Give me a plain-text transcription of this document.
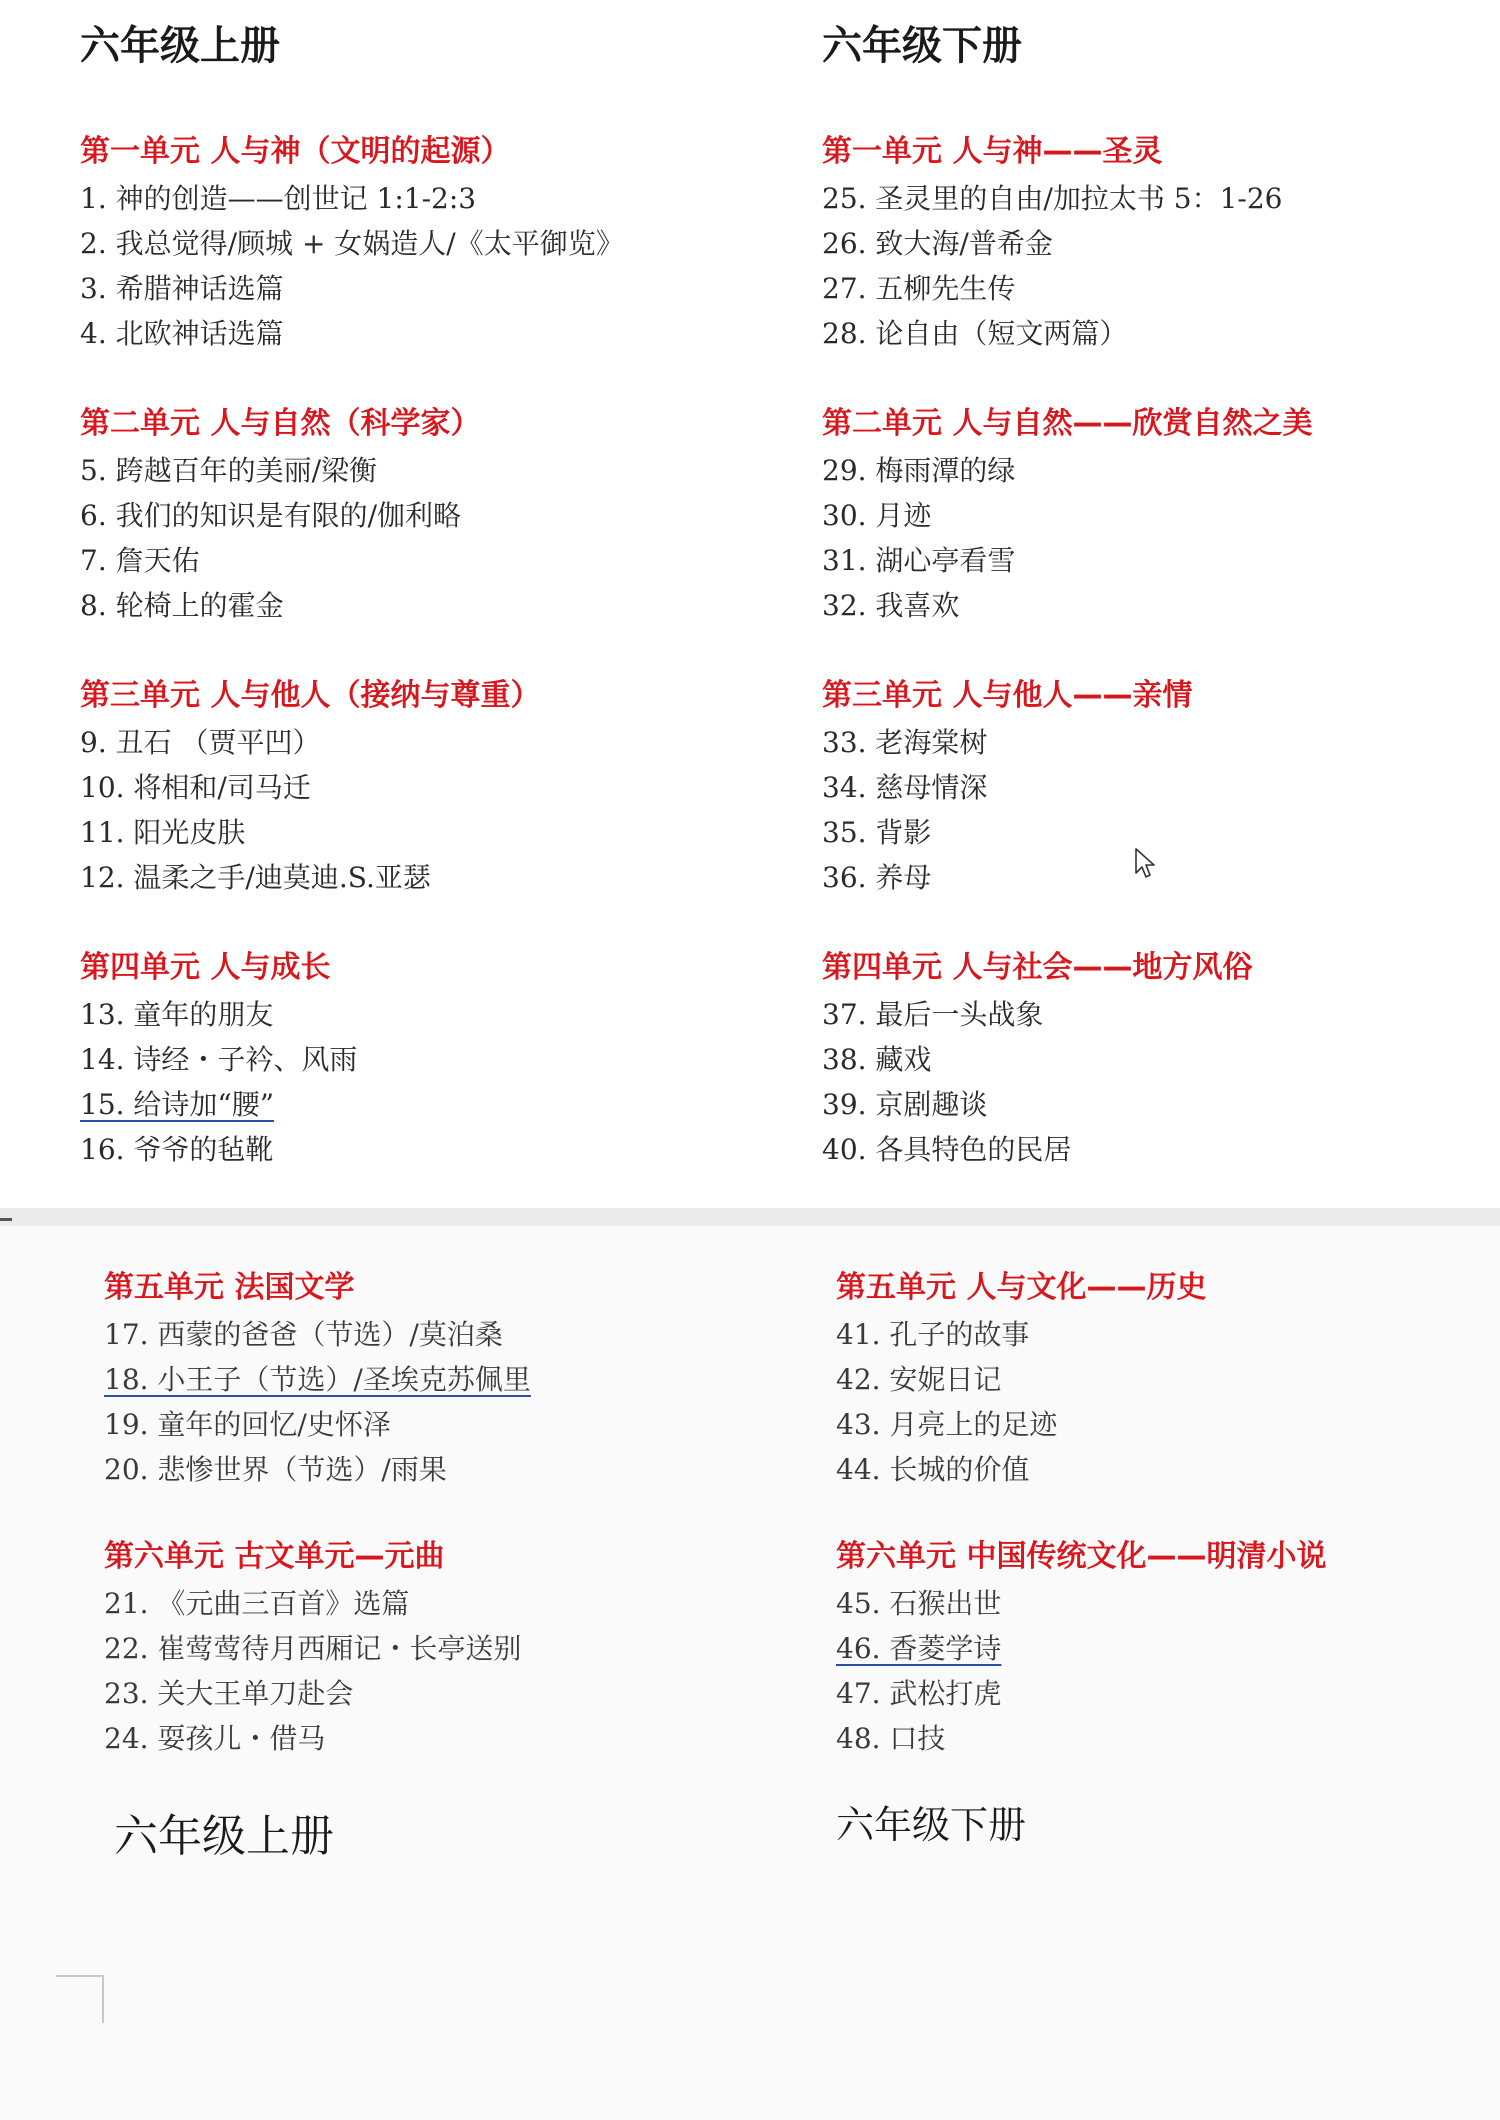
六年级上册	六年级下册
第一单元 人与神（文明的起源）
1. 神的创造——创世记 1:1-2:3
2. 我总觉得/顾城 + 女娲造人/《太平御览》
3. 希腊神话选篇
4. 北欧神话选篇
第二单元 人与自然（科学家）
5. 跨越百年的美丽/梁衡
6. 我们的知识是有限的/伽利略
7. 詹天佑
8. 轮椅上的霍金
第三单元 人与他人（接纳与尊重）
9. 丑石 （贾平凹）
10. 将相和/司马迁
11. 阳光皮肤
12. 温柔之手/迪莫迪.S.亚瑟
第四单元 人与成长
13. 童年的朋友
14. 诗经・子衿、风雨
15. 给诗加“腰”
16. 爷爷的毡靴
第五单元 法国文学
17. 西蒙的爸爸（节选）/莫泊桑
18. 小王子（节选）/圣埃克苏佩里
19. 童年的回忆/史怀泽
20. 悲惨世界（节选）/雨果
第六单元 古文单元—元曲
21. 《元曲三百首》选篇
22. 崔莺莺待月西厢记・长亭送别
23. 关大王单刀赴会
24. 耍孩儿・借马
第一单元 人与神——圣灵
25. 圣灵里的自由/加拉太书 5：1-26
26. 致大海/普希金
27. 五柳先生传
28. 论自由（短文两篇）
第二单元 人与自然——欣赏自然之美
29. 梅雨潭的绿
30. 月迹
31. 湖心亭看雪
32. 我喜欢
第三单元 人与他人——亲情
33. 老海棠树
34. 慈母情深
35. 背影
36. 养母
第四单元 人与社会——地方风俗
37. 最后一头战象
38. 藏戏
39. 京剧趣谈
40. 各具特色的民居
第五单元 人与文化——历史
41. 孔子的故事
42. 安妮日记
43. 月亮上的足迹
44. 长城的价值
第六单元 中国传统文化——明清小说
45. 石猴出世
46. 香菱学诗
47. 武松打虎
48. 口技
六年级上册	六年级下册
